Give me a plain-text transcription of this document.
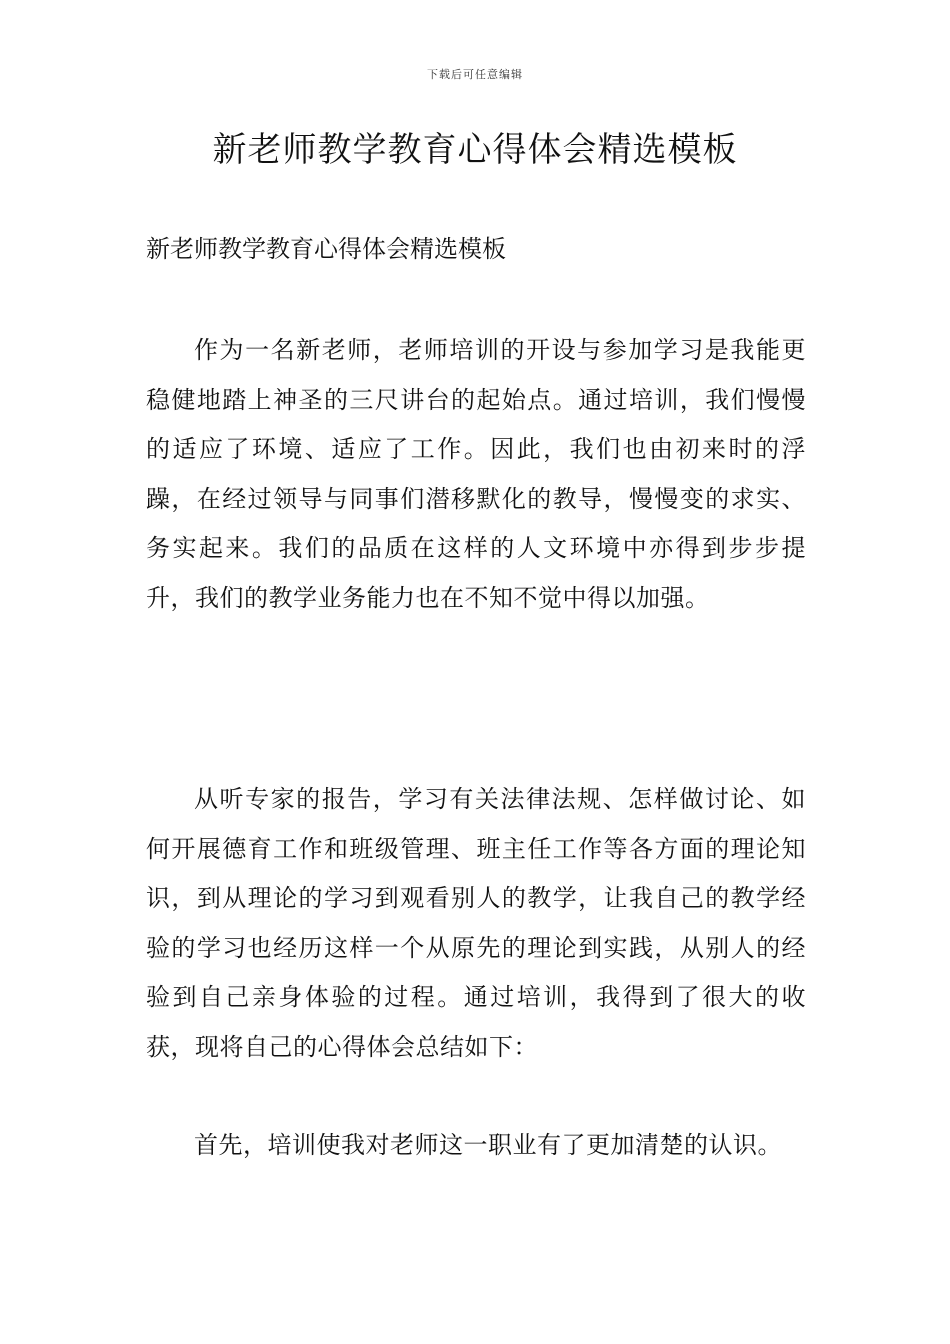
下载后可任意编辑
新老师教学教育心得体会精选模板
新老师教学教育心得体会精选模板

作为一名新老师，老师培训的开设与参加学习是我能更稳健地踏上神圣的三尺讲台的起始点。通过培训，我们慢慢的适应了环境、适应了工作。因此，我们也由初来时的浮躁，在经过领导与同事们潜移默化的教导，慢慢变的求实、务实起来。我们的品质在这样的人文环境中亦得到步步提升，我们的教学业务能力也在不知不觉中得以加强。

从听专家的报告，学习有关法律法规、怎样做讨论、如何开展德育工作和班级管理、班主任工作等各方面的理论知识，到从理论的学习到观看别人的教学，让我自己的教学经验的学习也经历这样一个从原先的理论到实践，从别人的经验到自己亲身体验的过程。通过培训，我得到了很大的收获，现将自己的心得体会总结如下：

首先，培训使我对老师这一职业有了更加清楚的认识。
